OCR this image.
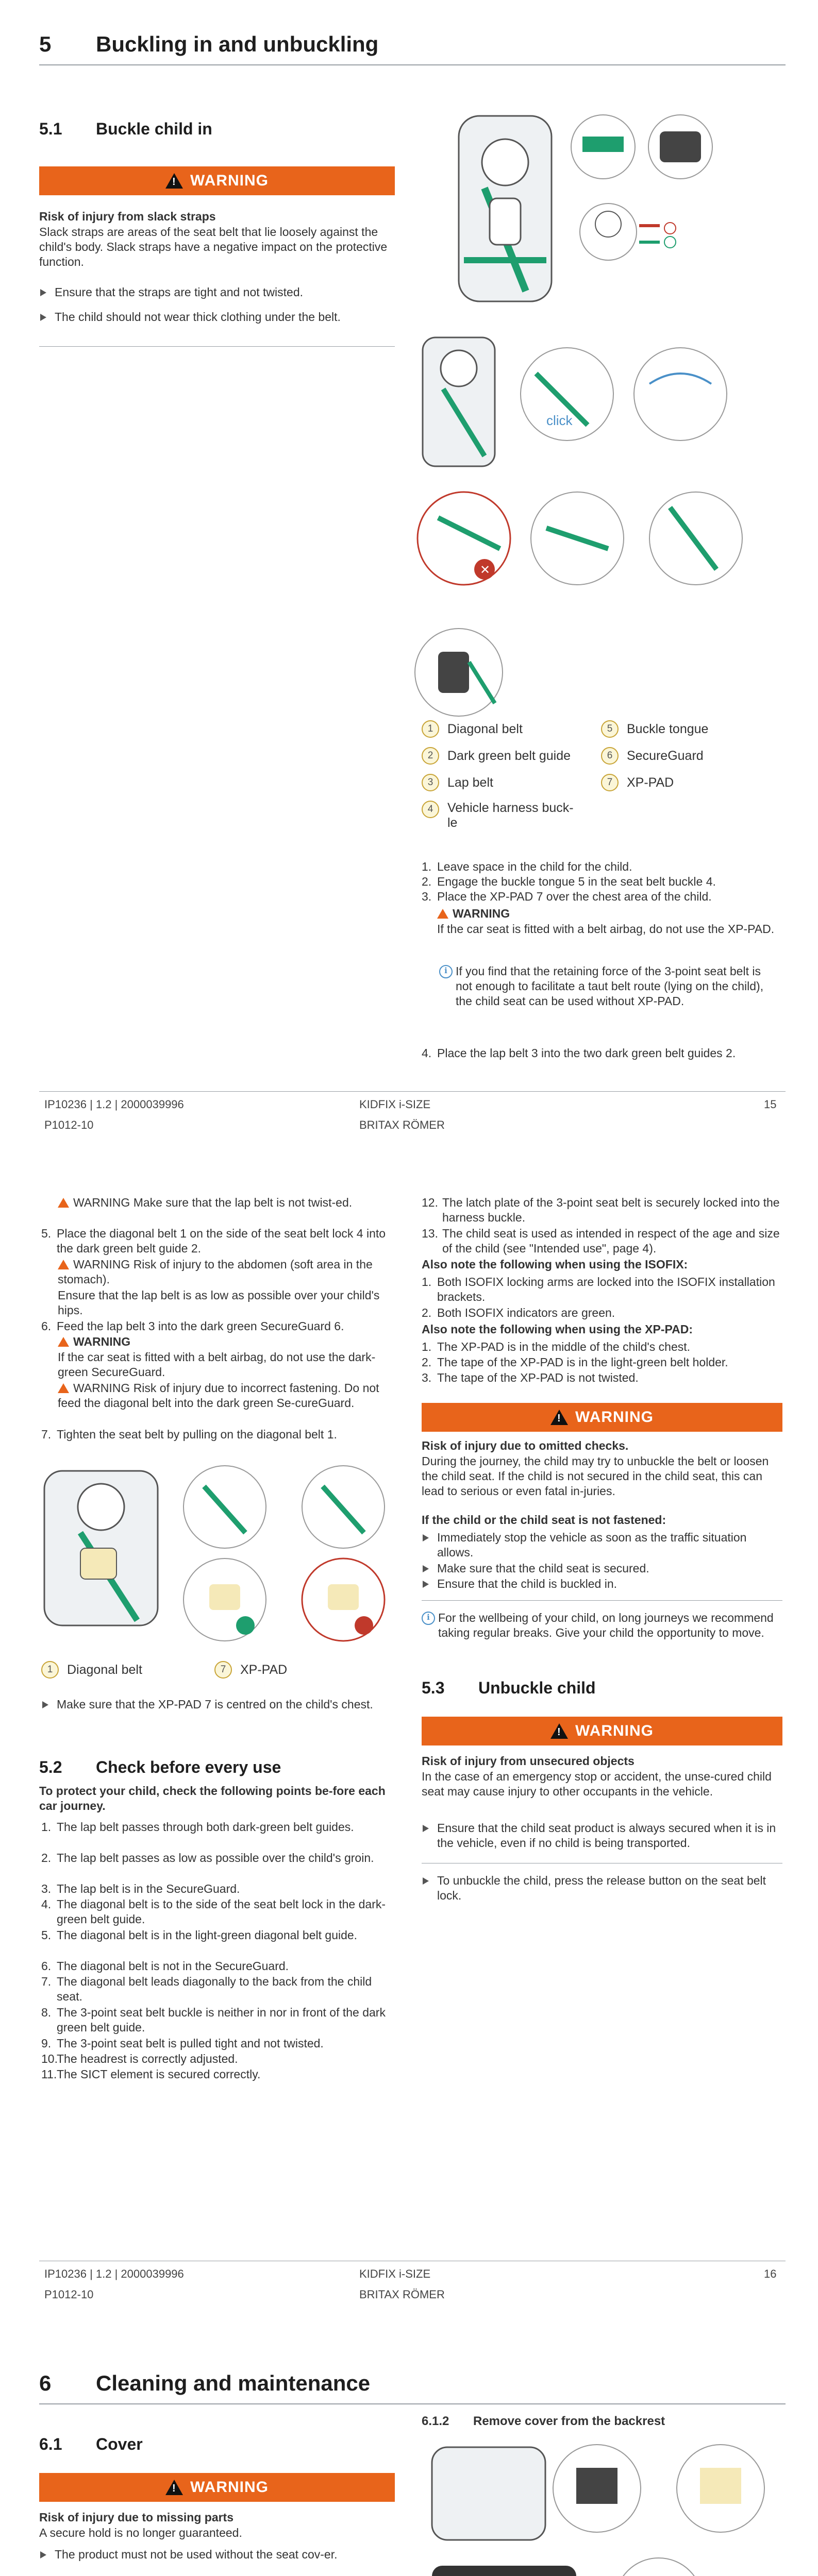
5 Buckling in and unbuckling
5.1 Buckle child in
!
WARNING
Risk of injury from slack straps
Slack straps are areas of the seat belt that lie loosely against the child's body. Slack straps have a negative impact on the protective function.
Ensure that the straps are tight and not twisted.
The child should not wear thick clothing under the belt.
click
✕
1	Diagonal belt
2	Dark green belt guide
3	Lap belt
4	Vehicle harness buck-le
5	Buckle tongue
6	SecureGuard
7	XP-PAD
1. Leave space in the child for the child.
2. Engage the buckle tongue 5 in the seat belt buckle 4.
3. Place the XP-PAD 7 over the chest area of the child.
WARNING
If the car seat is fitted with a belt airbag, do not use the XP-PAD.
i If you find that the retaining force of the 3-point seat belt is not enough to facilitate a taut belt route (lying on the child), the child seat can be used without XP-PAD.
4. Place the lap belt 3 into the two dark green belt guides 2.
IP10236 | 1.2 | 2000039996
P1012-10
KIDFIX i-SIZE
BRITAX RÖMER
15
WARNING Make sure that the lap belt is not twist-ed.
5. Place the diagonal belt 1 on the side of the seat belt lock 4 into the dark green belt guide 2.
WARNING Risk of injury to the abdomen (soft area in the stomach).
Ensure that the lap belt is as low as possible over your child's hips.
6. Feed the lap belt 3 into the dark green SecureGuard 6.
WARNING
If the car seat is fitted with a belt airbag, do not use the dark-green SecureGuard.
WARNING Risk of injury due to incorrect fastening. Do not feed the diagonal belt into the dark green Se-cureGuard.
7. Tighten the seat belt by pulling on the diagonal belt 1.
1	Diagonal belt	7	XP-PAD
Make sure that the XP-PAD 7 is centred on the child's chest.
5.2 Check before every use
To protect your child, check the following points be-fore each car journey.
1. The lap belt passes through both dark-green belt guides.
2. The lap belt passes as low as possible over the child's groin.
3. The lap belt is in the SecureGuard.
4. The diagonal belt is to the side of the seat belt lock in the dark-green belt guide.
5. The diagonal belt is in the light-green diagonal belt guide.
6. The diagonal belt is not in the SecureGuard.
7. The diagonal belt leads diagonally to the back from the child seat.
8. The 3-point seat belt buckle is neither in nor in front of the dark green belt guide.
9. The 3-point seat belt is pulled tight and not twisted.
10.
The headrest is correctly adjusted.
11. The SICT element is secured correctly.
12. The latch plate of the 3-point seat belt is securely locked into the harness buckle.
13. The child seat is used as intended in respect of the age and size of the child (see "Intended use", page 4).
Also note the following when using the ISOFIX:
1. Both ISOFIX locking arms are locked into the ISOFIX installation brackets.
2. Both ISOFIX indicators are green.
Also note the following when using the XP-PAD:
1. The XP-PAD is in the middle of the child's chest.
2. The tape of the XP-PAD is in the light-green belt holder.
3. The tape of the XP-PAD is not twisted.
!
WARNING
Risk of injury due to omitted checks.
During the journey, the child may try to unbuckle the belt or loosen the child seat. If the child is not secured in the child seat, this can lead to serious or even fatal in-juries.
If the child or the child seat is not fastened:
Immediately stop the vehicle as soon as the traffic situation allows.
Make sure that the child seat is secured.
Ensure that the child is buckled in.
i For the wellbeing of your child, on long journeys we recommend taking regular breaks. Give your child the opportunity to move.
5.3 Unbuckle child
!
WARNING
Risk of injury from unsecured objects
In the case of an emergency stop or accident, the unse-cured child seat may cause injury to other occupants in the vehicle.
Ensure that the child seat product is always secured when it is in the vehicle, even if no child is being transported.
To unbuckle the child, press the release button on the seat belt lock.
IP10236 | 1.2 | 2000039996
P1012-10
KIDFIX i-SIZE
BRITAX RÖMER
16
6 Cleaning and maintenance
6.1 Cover
!
WARNING
Risk of injury due to missing parts
A secure hold is no longer guaranteed.
The product must not be used without the seat cov-er.
6.1.2 Remove cover from the backrest
